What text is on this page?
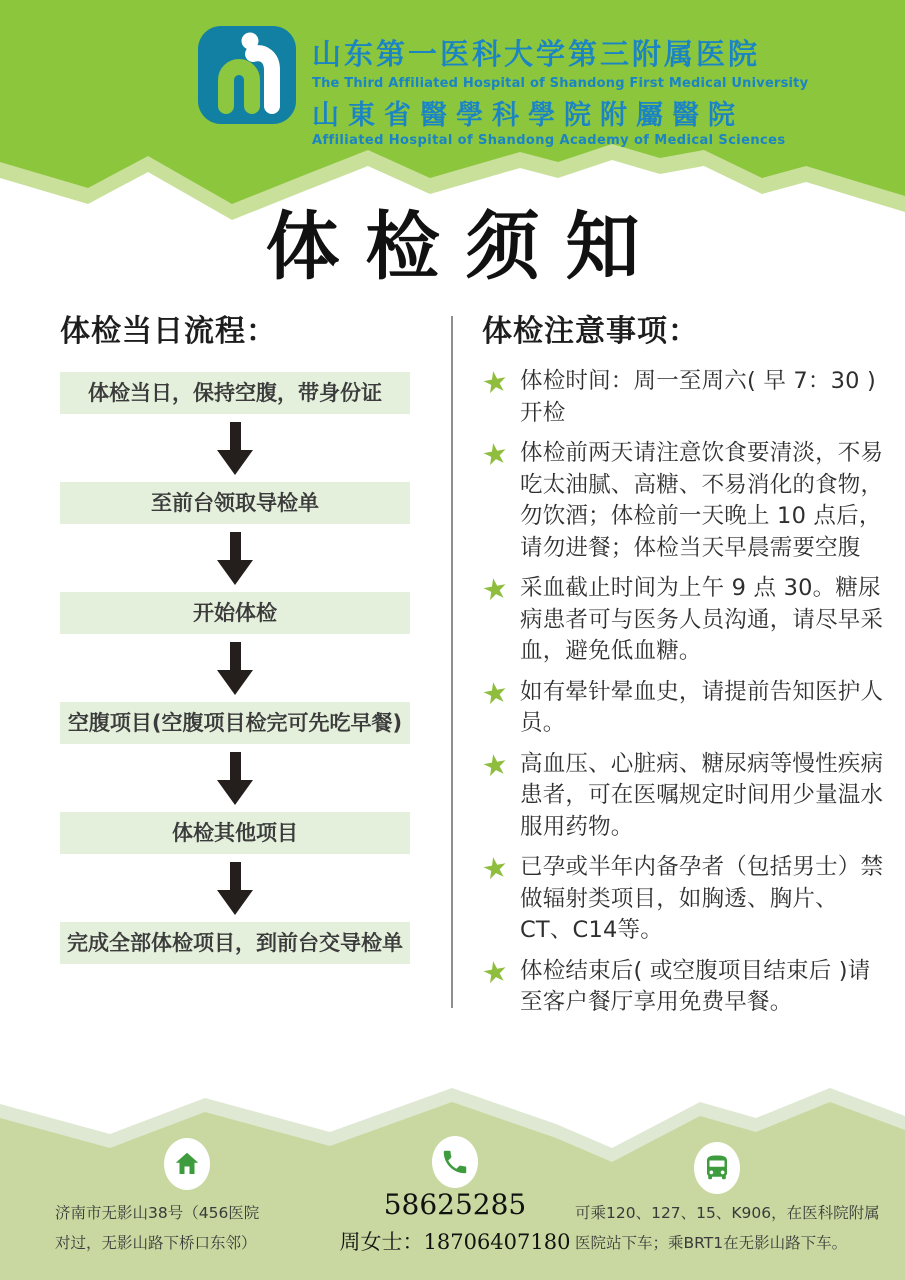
山东第一医科大学第三附属医院
The Third Affiliated Hospital of Shandong First Medical University
山東省醫學科學院附屬醫院
Affiliated Hospital of Shandong Academy of Medical Sciences
体检须知
体检当日流程：
体检当日，保持空腹，带身份证
至前台领取导检单
开始体检
空腹项目(空腹项目检完可先吃早餐)
体检其他项目
完成全部体检项目，到前台交导检单
体检注意事项：
★ 体检时间：周一至周六( 早 7：30 )开检
★ 体检前两天请注意饮食要清淡，不易吃太油腻、高糖、不易消化的食物，勿饮酒；体检前一天晚上 10 点后，请勿进餐；体检当天早晨需要空腹
★ 采血截止时间为上午 9 点 30。糖尿病患者可与医务人员沟通，请尽早采血，避免低血糖。
★ 如有晕针晕血史，请提前告知医护人员。
★ 高血压、心脏病、糖尿病等慢性疾病患者，可在医嘱规定时间用少量温水服用药物。
★ 已孕或半年内备孕者（包括男士）禁做辐射类项目，如胸透、胸片、CT、C14等。
★ 体检结束后( 或空腹项目结束后 )请至客户餐厅享用免费早餐。
济南市无影山38号（456医院
对过，无影山路下桥口东邻）
58625285
周女士：18706407180
可乘120、127、15、K906，在医科院附属
医院站下车；乘BRT1在无影山路下车。
